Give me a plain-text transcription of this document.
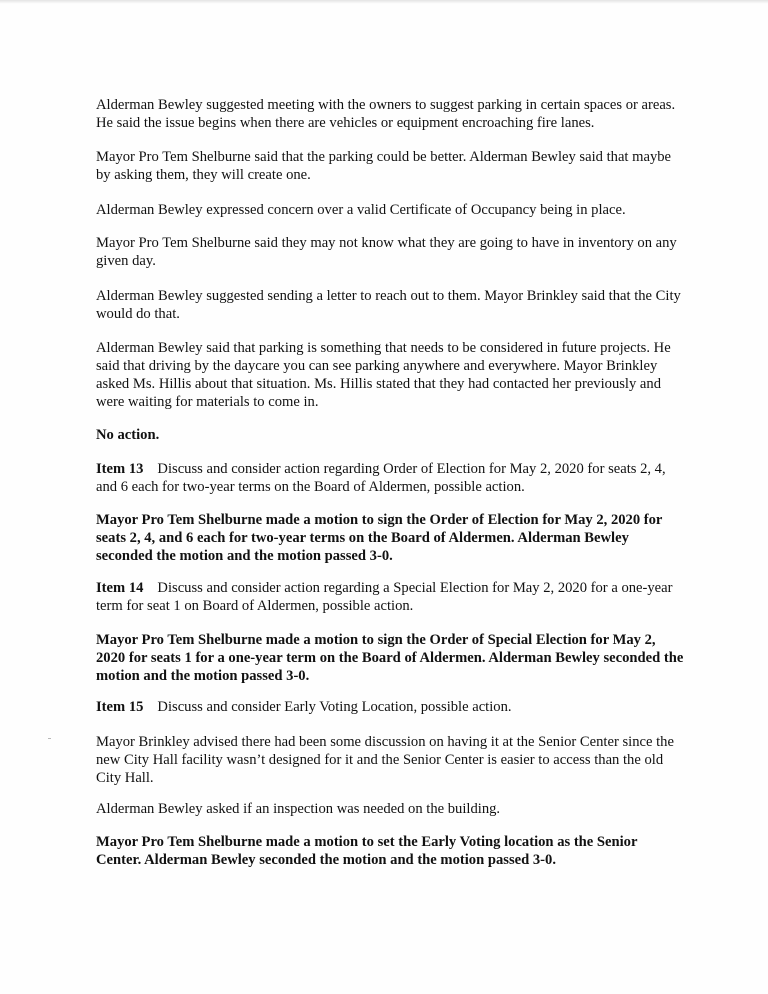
Alderman Bewley suggested meeting with the owners to suggest parking in certain spaces or areas. He said the issue begins when there are vehicles or equipment encroaching fire lanes.

Mayor Pro Tem Shelburne said that the parking could be better. Alderman Bewley said that maybe by asking them, they will create one.

Alderman Bewley expressed concern over a valid Certificate of Occupancy being in place.

Mayor Pro Tem Shelburne said they may not know what they are going to have in inventory on any given day.

Alderman Bewley suggested sending a letter to reach out to them. Mayor Brinkley said that the City would do that.

Alderman Bewley said that parking is something that needs to be considered in future projects. He said that driving by the daycare you can see parking anywhere and everywhere. Mayor Brinkley asked Ms. Hillis about that situation. Ms. Hillis stated that they had contacted her previously and were waiting for materials to come in.

No action.

Item 13 Discuss and consider action regarding Order of Election for May 2, 2020 for seats 2, 4, and 6 each for two-year terms on the Board of Aldermen, possible action.

Mayor Pro Tem Shelburne made a motion to sign the Order of Election for May 2, 2020 for seats 2, 4, and 6 each for two-year terms on the Board of Aldermen. Alderman Bewley seconded the motion and the motion passed 3-0.

Item 14 Discuss and consider action regarding a Special Election for May 2, 2020 for a one-year term for seat 1 on Board of Aldermen, possible action.

Mayor Pro Tem Shelburne made a motion to sign the Order of Special Election for May 2, 2020 for seats 1 for a one-year term on the Board of Aldermen. Alderman Bewley seconded the motion and the motion passed 3-0.

Item 15 Discuss and consider Early Voting Location, possible action.

Mayor Brinkley advised there had been some discussion on having it at the Senior Center since the new City Hall facility wasn’t designed for it and the Senior Center is easier to access than the old City Hall.

Alderman Bewley asked if an inspection was needed on the building.

Mayor Pro Tem Shelburne made a motion to set the Early Voting location as the Senior Center. Alderman Bewley seconded the motion and the motion passed 3-0.
